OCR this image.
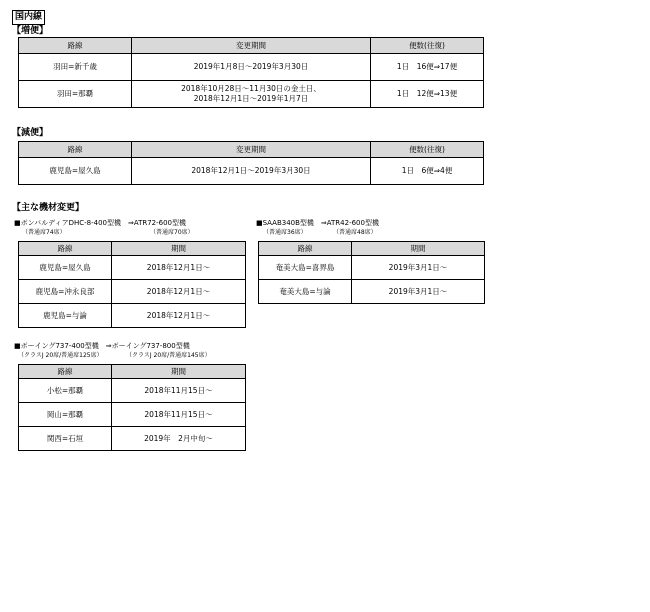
国内線
【増便】
路線	変更期間	便数(往復)
羽田=新千歳	2019年1月8日〜2019年3月30日	1日　16便⇒17便
羽田=那覇	2018年10月28日〜11月30日の金土日、
2018年12月1日〜2019年1月7日	1日　12便⇒13便
【減便】
路線	変更期間	便数(往復)
鹿児島=屋久島	2018年12月1日〜2019年3月30日	1日　6便⇒4便
【主な機材変更】
■ボンバルディアDHC-8-400型機　⇒ATR72-600型機
（普通席74席）	（普通席70席）
路線	期間
鹿児島=屋久島	2018年12月1日〜
鹿児島=沖永良部	2018年12月1日〜
鹿児島=与論	2018年12月1日〜
■SAAB340B型機　⇒ATR42-600型機
（普通席36席）	（普通席48席）
路線	期間
奄美大島=喜界島	2019年3月1日〜
奄美大島=与論	2019年3月1日〜
■ボーイング737-400型機　⇒ボーイング737-800型機
（クラスJ 20席/普通席125席）	（クラスJ 20席/普通席145席）
路線	期間
小松=那覇	2018年11月15日〜
岡山=那覇	2018年11月15日〜
関西=石垣	2019年　2月中旬〜
